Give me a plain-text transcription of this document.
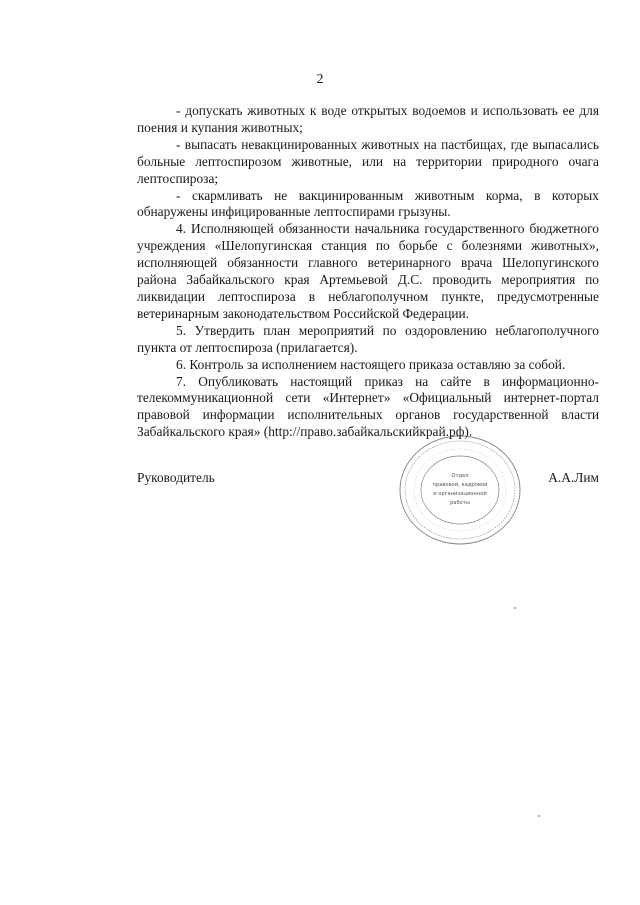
2

- допускать животных к воде открытых водоемов и использовать ее для поения и купания животных;

- выпасать невакцинированных животных на пастбищах, где выпасались больные лептоспирозом животные, или на территории природного очага лептоспироза;

- скармливать не вакцинированным животным корма, в которых обнаружены инфицированные лептоспирами грызуны.

4. Исполняющей обязанности начальника государственного бюджетного учреждения «Шелопугинская станция по борьбе с болезнями животных», исполняющей обязанности главного ветеринарного врача Шелопугинского района Забайкальского края Артемьевой Д.С. проводить мероприятия по ликвидации лептоспироза в неблагополучном пункте, предусмотренные ветеринарным законодательством Российской Федерации.

5. Утвердить план мероприятий по оздоровлению неблагополучного пункта от лептоспироза (прилагается).

6. Контроль за исполнением настоящего приказа оставляю за собой.

7. Опубликовать настоящий приказ на сайте в информационно-телекоммуникационной сети «Интернет» «Официальный интернет-портал правовой информации исполнительных органов государственной власти Забайкальского края» (http://право.забайкальскийкрай.рф).

Руководитель	А.А.Лим
Отдел
правовой, кадровой
и организационной
работы
